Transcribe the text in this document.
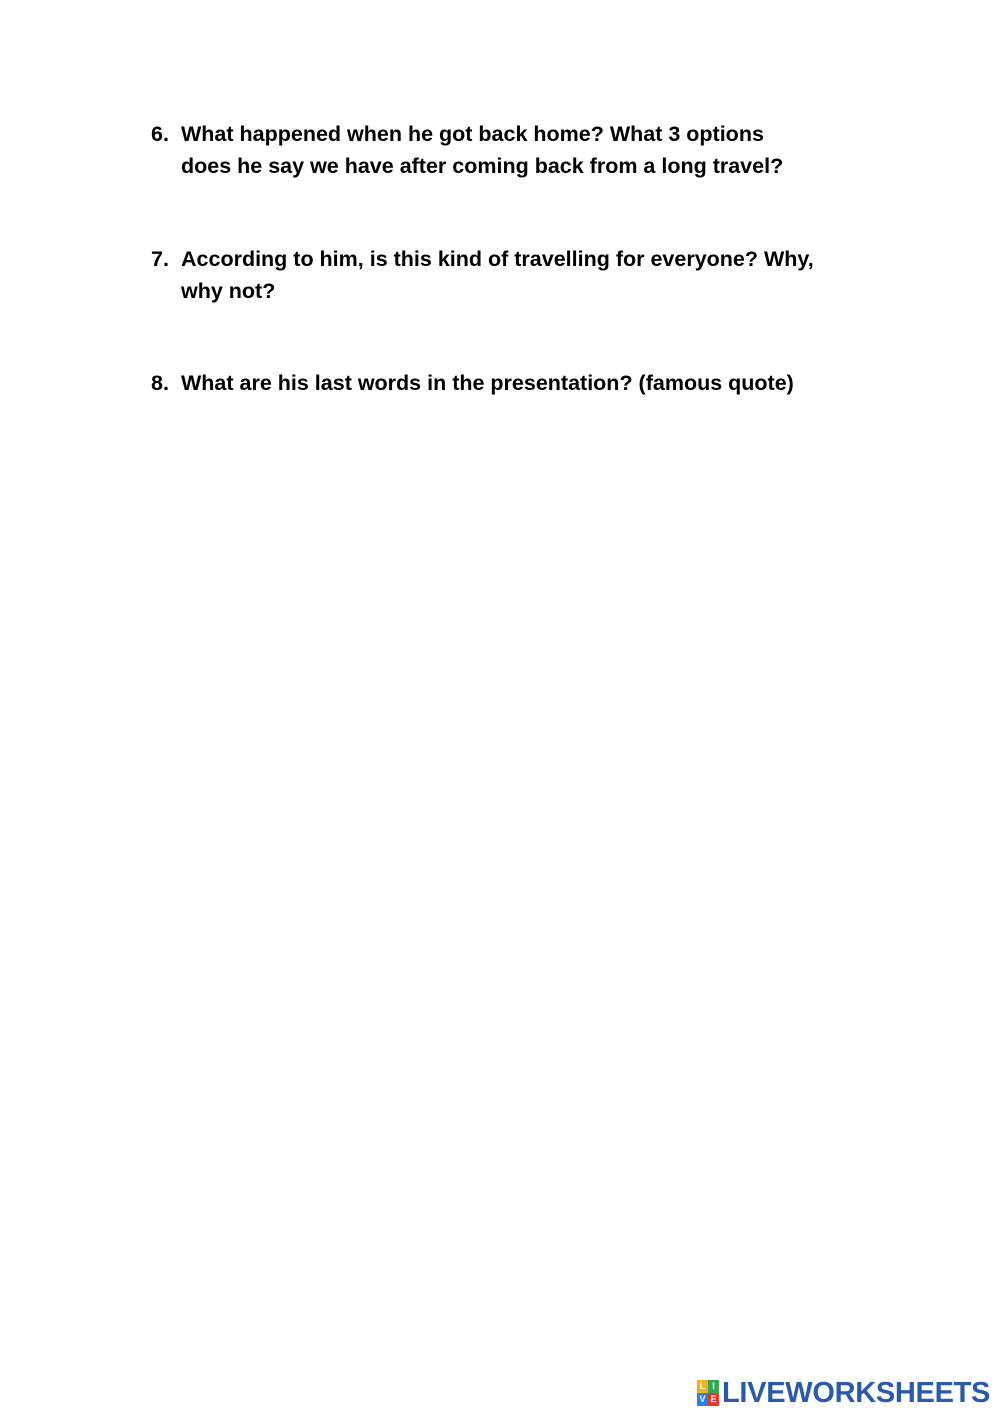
6. What happened when he got back home? What 3 options
does he say we have after coming back from a long travel?
7. According to him, is this kind of travelling for everyone? Why,
why not?
8. What are his last words in the presentation? (famous quote)
L I
V E LIVEWORKSHEETS
